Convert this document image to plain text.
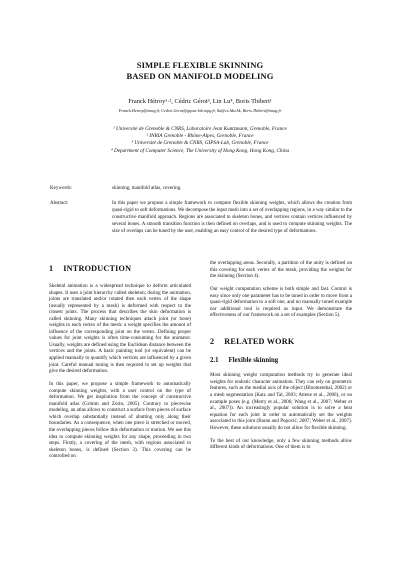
SIMPLE FLEXIBLE SKINNING
BASED ON MANIFOLD MODELING
Franck Hétroy¹·², Cédric Gérot³, Lin Lu⁴, Boris Thibert¹
Franck.Hetroy@imag.fr, Cedric.Gerot@gipsa-lab.inpg.fr, llu@cs.hku.hk, Boris.Thibert@imag.fr
¹ Université de Grenoble & CNRS, Laboratoire Jean Kuntzmann, Grenoble, France
² INRIA Grenoble - Rhône-Alpes, Grenoble, France
³ Université de Grenoble & CNRS, GIPSA-Lab, Grenoble, France
⁴ Department of Computer Science, The University of Hong Kong, Hong Kong, China
Keywords:	skinning, manifold atlas, covering.
Abstract:	In this paper we propose a simple framework to compute flexible skinning weights, which allows the creation from quasi-rigid to soft deformations. We decompose the input mesh into a set of overlapping regions, in a way similar to the constructive manifold approach. Regions are associated to skeleton bones, and vertices contain vertices influenced by several bones. A smooth transition function is then defined on overlaps, and is used to compute skinning weights. The size of overlaps can be tuned by the user, enabling an easy control of the desired type of deformations.
1 INTRODUCTION

Skeletal animation is a widespread technique to deform articulated shapes. It uses a joint hierarchy called skeleton; during the animation, joints are translated and/or rotated then each vertex of the shape (usually represented by a mesh) is deformed with respect to the closest joints. The process that describes the skin deformation is called skinning. Many skinning techniques attach joint (or bone) weights to each vertex of the mesh: a weight specifies the amount of influence of the corresponding joint on the vertex. Defining proper values for joint weights is often time-consuming for the animator. Usually, weights are defined using the Euclidean distance between the vertices and the joints. A basic painting tool (or equivalent) can be applied manually to quantify which vertices are influenced by a given joint. Careful manual tuning is then required to set up weights that give the desired deformation.

In this paper, we propose a simple framework to automatically compute skinning weights, with a user control on the type of deformation. We get inspiration from the concept of constructive manifold atlas (Grimm and Zorin, 2005). Contrary to piecewise modeling, an atlas allows to construct a surface from pieces of surface which overlap substantially instead of abutting only along their boundaries. As a consequence, when one piece is stretched or moved, the overlapping pieces follow this deformation or motion. We use this idea to compute skinning weights for any shape, proceeding in two steps. Firstly, a covering of the mesh, with regions associated to skeleton bones, is defined (Section 3). This covering can be controlled on

the overlapping areas. Secondly, a partition of the unity is defined on this covering for each vertex of the mesh, providing the weights for the skinning (Section 4).

Our weight computation scheme is both simple and fast. Control is easy since only one parameter has to be tuned in order to move from a quasi-rigid deformation to a soft one, and no manually tuned example nor additional tool is required as input. We demonstrate the effectiveness of our framework on a set of examples (Section 5).

2 RELATED WORK
2.1 Flexible skinning

Most skinning weight computation methods try to generate ideal weights for realistic character animation. They can rely on geometric features, such as the medial axis of the object (Bloomenthal, 2002) or a mesh segmentation (Katz and Tal, 2003; Attene et al., 2006), or on example poses (e.g. (Merry et al., 2006; Wang et al., 2007; Weber et al., 2007)). An increasingly popular solution is to solve a heat equation for each joint in order to automatically set the weights associated to this joint (Baran and Popović, 2007; Weber et al., 2007). However, these solutions usually do not allow for flexible skinning.

To the best of our knowledge, only a few skinning methods allow different kinds of deformations. One of them is to
